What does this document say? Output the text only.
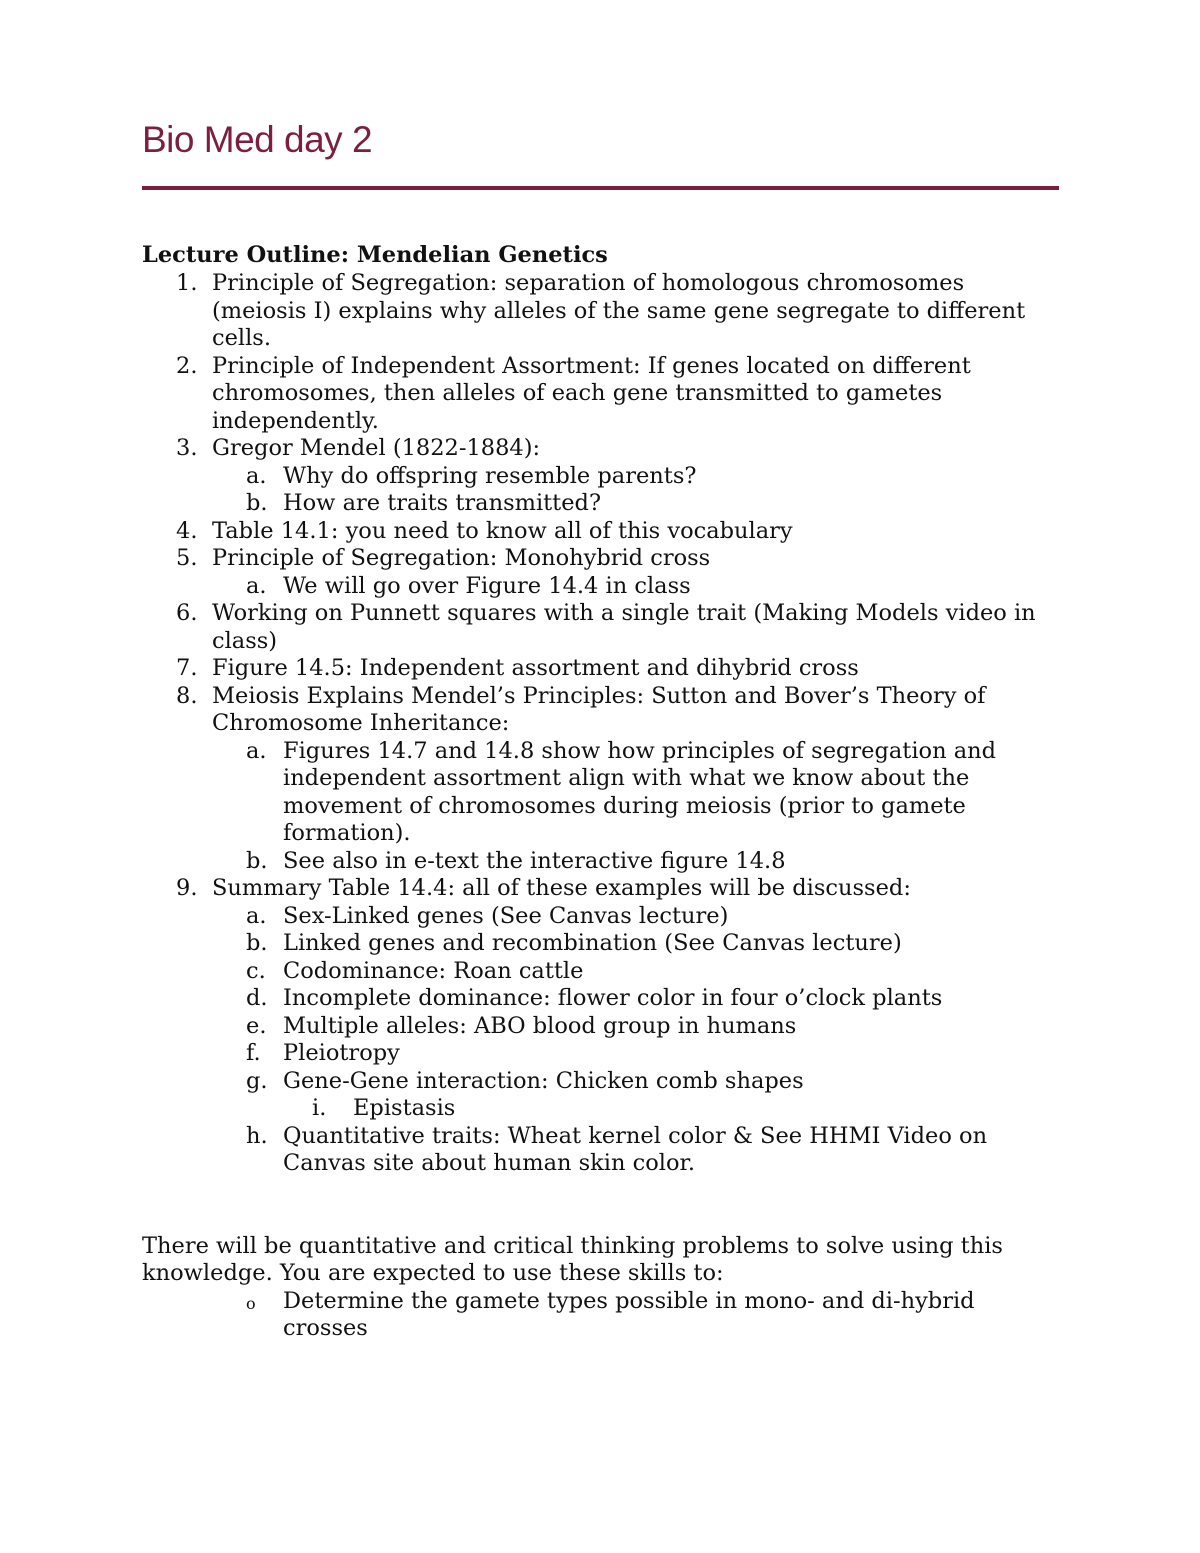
Bio Med day 2
Lecture Outline: Mendelian Genetics
1. Principle of Segregation: separation of homologous chromosomes (meiosis I) explains why alleles of the same gene segregate to different cells.
2. Principle of Independent Assortment: If genes located on different chromosomes, then alleles of each gene transmitted to gametes independently.
3. Gregor Mendel (1822-1884):
a. Why do offspring resemble parents?
b. How are traits transmitted?
4. Table 14.1: you need to know all of this vocabulary
5. Principle of Segregation: Monohybrid cross
a. We will go over Figure 14.4 in class
6. Working on Punnett squares with a single trait (Making Models video in class)
7. Figure 14.5: Independent assortment and dihybrid cross
8. Meiosis Explains Mendel’s Principles: Sutton and Bover’s Theory of Chromosome Inheritance:
a. Figures 14.7 and 14.8 show how principles of segregation and independent assortment align with what we know about the movement of chromosomes during meiosis (prior to gamete formation).
b. See also in e-text the interactive figure 14.8
9. Summary Table 14.4: all of these examples will be discussed:
a. Sex-Linked genes (See Canvas lecture)
b. Linked genes and recombination (See Canvas lecture)
c. Codominance: Roan cattle
d. Incomplete dominance: flower color in four o’clock plants
e. Multiple alleles: ABO blood group in humans
f. Pleiotropy
g. Gene-Gene interaction: Chicken comb shapes
i. Epistasis
h. Quantitative traits: Wheat kernel color & See HHMI Video on Canvas site about human skin color.
There will be quantitative and critical thinking problems to solve using this knowledge. You are expected to use these skills to:
o Determine the gamete types possible in mono- and di-hybrid crosses
